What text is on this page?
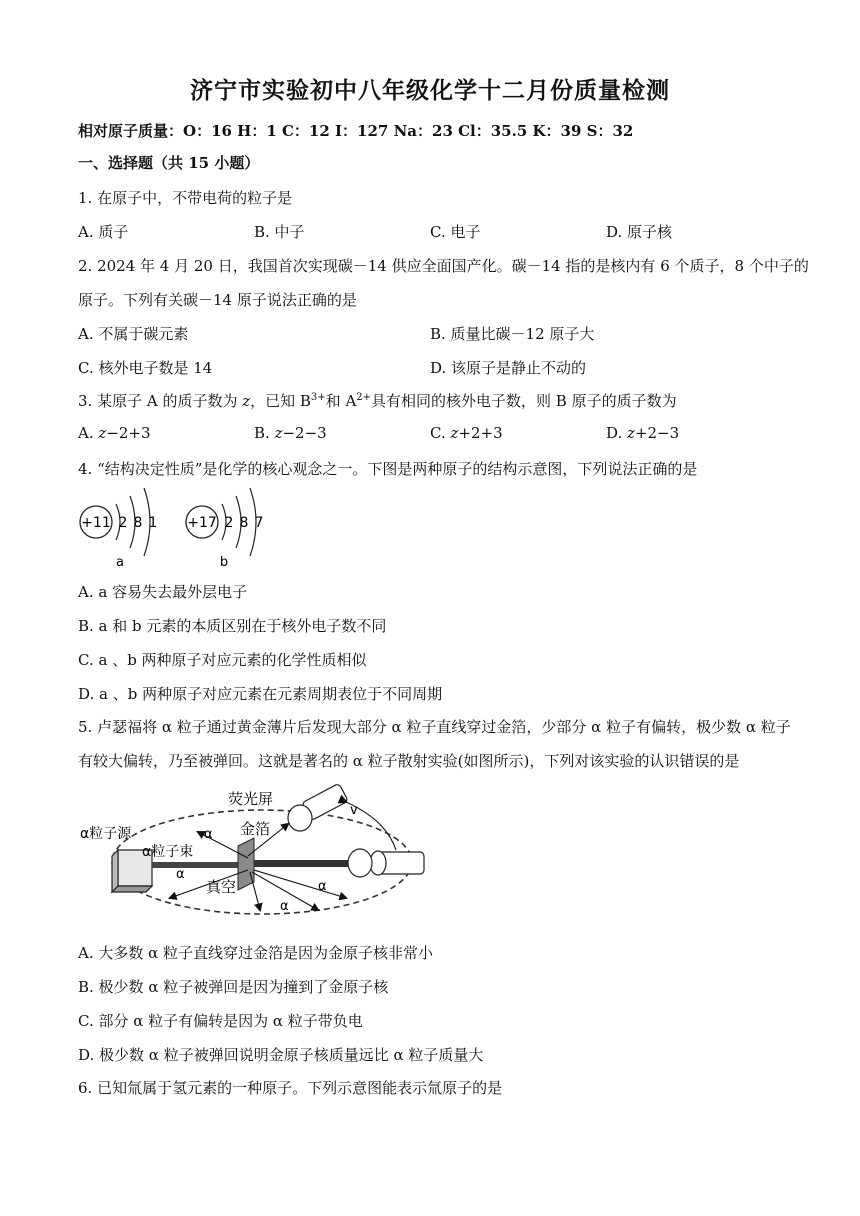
济宁市实验初中八年级化学十二月份质量检测
相对原子质量：O：16 H：1 C：12 I：127 Na：23 Cl：35.5 K：39 S：32
一、选择题（共 15 小题）
1. 在原子中，不带电荷的粒子是
A. 质子	B. 中子	C. 电子	D. 原子核
2. 2024 年 4 月 20 日，我国首次实现碳－14 供应全面国产化。碳－14 指的是核内有 6 个质子，8 个中子的
原子。下列有关碳－14 原子说法正确的是
A. 不属于碳元素	B. 质量比碳－12 原子大
C. 核外电子数是 14	D. 该原子是静止不动的
3. 某原子 A 的质子数为 z，已知 $B^{3+}$和 $A^{2+}$具有相同的核外电子数，则 B 原子的质子数为
A. z−2+3	B. z−2−3	C. z+2+3	D. z+2−3
4. “结构决定性质”是化学的核心观念之一。下图是两种原子的结构示意图，下列说法正确的是
+11 2 8 1
a
+17 2 8 7
b
A. a 容易失去最外层电子
B. a 和 b 元素的本质区别在于核外电子数不同
C. a 、b 两种原子对应元素的化学性质相似
D. a 、b 两种原子对应元素在元素周期表位于不同周期
5. 卢瑟福将 α 粒子通过黄金薄片后发现大部分 α 粒子直线穿过金箔，少部分 α 粒子有偏转，极少数 α 粒子
有较大偏转，乃至被弹回。这就是著名的 α 粒子散射实验(如图所示)，下列对该实验的认识错误的是
荧光屏
金箔
α粒子源
α粒子束
真空
v
α
α
α
α
A. 大多数 α 粒子直线穿过金箔是因为金原子核非常小
B. 极少数 α 粒子被弹回是因为撞到了金原子核
C. 部分 α 粒子有偏转是因为 α 粒子带负电
D. 极少数 α 粒子被弹回说明金原子核质量远比 α 粒子质量大
6. 已知氚属于氢元素的一种原子。下列示意图能表示氚原子的是
